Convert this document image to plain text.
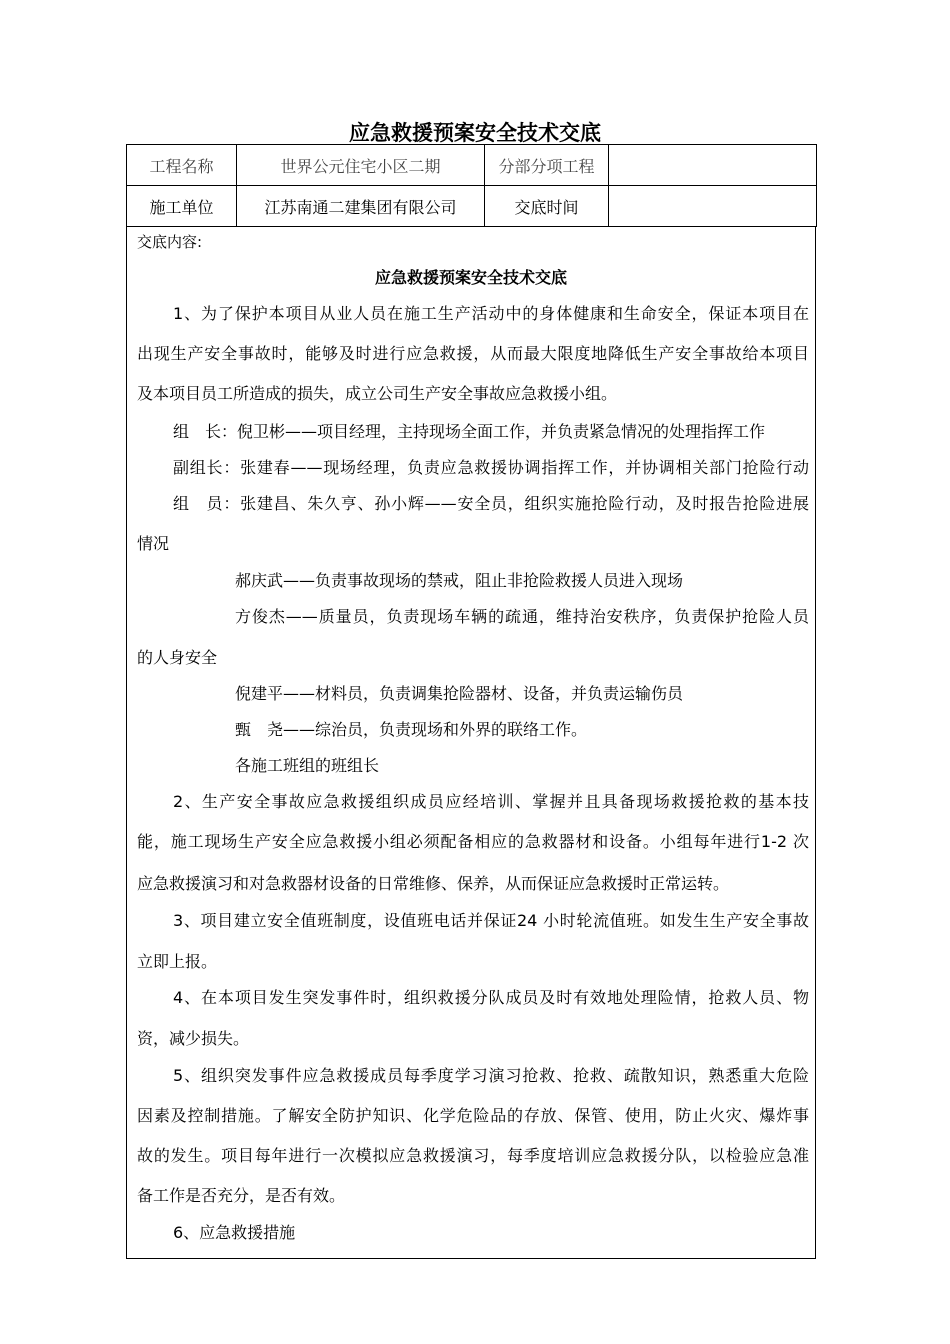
应急救援预案安全技术交底
工程名称	世界公元住宅小区二期	分部分项工程	
施工单位	江苏南通二建集团有限公司	交底时间	
交底内容:
应急救援预案安全技术交底
1、为了保护本项目从业人员在施工生产活动中的身体健康和生命安全，保证本项目在
出现生产安全事故时，能够及时进行应急救援，从而最大限度地降低生产安全事故给本项目
及本项目员工所造成的损失，成立公司生产安全事故应急救援小组。
组　长：倪卫彬——项目经理，主持现场全面工作，并负责紧急情况的处理指挥工作
副组长：张建春——现场经理，负责应急救援协调指挥工作，并协调相关部门抢险行动
组　员：张建昌、朱久亨、孙小辉——安全员，组织实施抢险行动，及时报告抢险进展
情况
郝庆武——负责事故现场的禁戒，阻止非抢险救援人员进入现场
方俊杰——质量员，负责现场车辆的疏通，维持治安秩序，负责保护抢险人员
的人身安全
倪建平——材料员，负责调集抢险器材、设备，并负责运输伤员
甄　尧——综治员，负责现场和外界的联络工作。
各施工班组的班组长
2、生产安全事故应急救援组织成员应经培训、掌握并且具备现场救援抢救的基本技
能，施工现场生产安全应急救援小组必须配备相应的急救器材和设备。小组每年进行1-2 次
应急救援演习和对急救器材设备的日常维修、保养，从而保证应急救援时正常运转。
3、项目建立安全值班制度，设值班电话并保证24 小时轮流值班。如发生生产安全事故
立即上报。
4、在本项目发生突发事件时，组织救援分队成员及时有效地处理险情，抢救人员、物
资，减少损失。
5、组织突发事件应急救援成员每季度学习演习抢救、抢救、疏散知识，熟悉重大危险
因素及控制措施。了解安全防护知识、化学危险品的存放、保管、使用，防止火灾、爆炸事
故的发生。项目每年进行一次模拟应急救援演习，每季度培训应急救援分队，以检验应急准
备工作是否充分，是否有效。
6、应急救援措施
